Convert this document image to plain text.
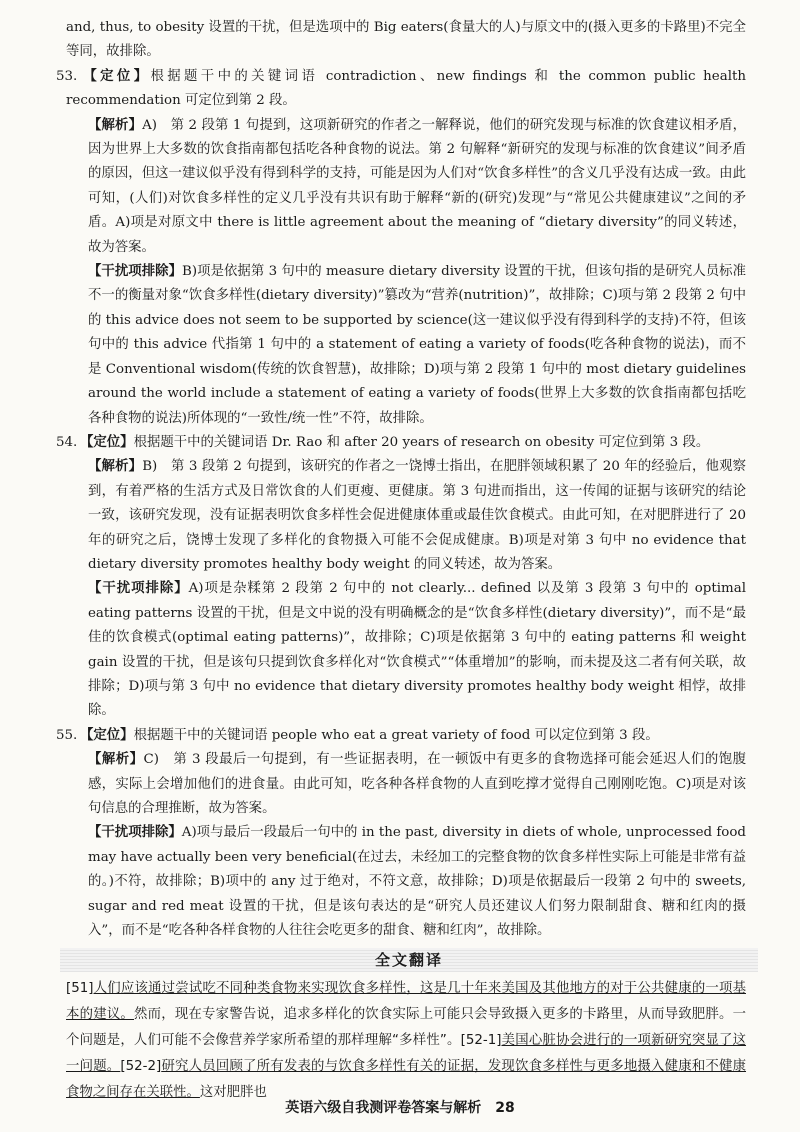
and, thus, to obesity 设置的干扰，但是选项中的 Big eaters(食量大的人)与原文中的(摄入更多的卡路里)不完全等同，故排除。

53. 【定位】根据题干中的关键词语 contradiction、new findings 和 the common public health recommendation 可定位到第 2 段。

【解析】A)　第 2 段第 1 句提到，这项新研究的作者之一解释说，他们的研究发现与标准的饮食建议相矛盾，因为世界上大多数的饮食指南都包括吃各种食物的说法。第 2 句解释“新研究的发现与标准的饮食建议”间矛盾的原因，但这一建议似乎没有得到科学的支持，可能是因为人们对“饮食多样性”的含义几乎没有达成一致。由此可知，(人们)对饮食多样性的定义几乎没有共识有助于解释“新的(研究)发现”与“常见公共健康建议”之间的矛盾。A)项是对原文中 there is little agreement about the meaning of “dietary diversity”的同义转述，故为答案。

【干扰项排除】B)项是依据第 3 句中的 measure dietary diversity 设置的干扰，但该句指的是研究人员标准不一的衡量对象“饮食多样性(dietary diversity)”篡改为“营养(nutrition)”，故排除；C)项与第 2 段第 2 句中的 this advice does not seem to be supported by science(这一建议似乎没有得到科学的支持)不符，但该句中的 this advice 代指第 1 句中的 a statement of eating a variety of foods(吃各种食物的说法)，而不是 Conventional wisdom(传统的饮食智慧)，故排除；D)项与第 2 段第 1 句中的 most dietary guidelines around the world include a statement of eating a variety of foods(世界上大多数的饮食指南都包括吃各种食物的说法)所体现的“一致性/统一性”不符，故排除。

54. 【定位】根据题干中的关键词语 Dr. Rao 和 after 20 years of research on obesity 可定位到第 3 段。

【解析】B)　第 3 段第 2 句提到，该研究的作者之一饶博士指出，在肥胖领域积累了 20 年的经验后，他观察到，有着严格的生活方式及日常饮食的人们更瘦、更健康。第 3 句进而指出，这一传闻的证据与该研究的结论一致，该研究发现，没有证据表明饮食多样性会促进健康体重或最佳饮食模式。由此可知，在对肥胖进行了 20 年的研究之后，饶博士发现了多样化的食物摄入可能不会促成健康。B)项是对第 3 句中 no evidence that dietary diversity promotes healthy body weight 的同义转述，故为答案。

【干扰项排除】A)项是杂糅第 2 段第 2 句中的 not clearly... defined 以及第 3 段第 3 句中的 optimal eating patterns 设置的干扰，但是文中说的没有明确概念的是“饮食多样性(dietary diversity)”，而不是“最佳的饮食模式(optimal eating patterns)”，故排除；C)项是依据第 3 句中的 eating patterns 和 weight gain 设置的干扰，但是该句只提到饮食多样化对“饮食模式”“体重增加”的影响，而未提及这二者有何关联，故排除；D)项与第 3 句中 no evidence that dietary diversity promotes healthy body weight 相悖，故排除。

55. 【定位】根据题干中的关键词语 people who eat a great variety of food 可以定位到第 3 段。

【解析】C)　第 3 段最后一句提到，有一些证据表明，在一顿饭中有更多的食物选择可能会延迟人们的饱腹感，实际上会增加他们的进食量。由此可知，吃各种各样食物的人直到吃撑才觉得自己刚刚吃饱。C)项是对该句信息的合理推断，故为答案。

【干扰项排除】A)项与最后一段最后一句中的 in the past, diversity in diets of whole, unprocessed food may have actually been very beneficial(在过去，未经加工的完整食物的饮食多样性实际上可能是非常有益的。)不符，故排除；B)项中的 any 过于绝对，不符文意，故排除；D)项是依据最后一段第 2 句中的 sweets, sugar and red meat 设置的干扰，但是该句表达的是“研究人员还建议人们努力限制甜食、糖和红肉的摄入”，而不是“吃各种各样食物的人往往会吃更多的甜食、糖和红肉”，故排除。

全文翻译

[51]人们应该通过尝试吃不同种类食物来实现饮食多样性，这是几十年来美国及其他地方的对于公共健康的一项基本的建议。然而，现在专家警告说，追求多样化的饮食实际上可能只会导致摄入更多的卡路里，从而导致肥胖。一个问题是，人们可能不会像营养学家所希望的那样理解“多样性”。[52-1]美国心脏协会进行的一项新研究突显了这一问题。[52-2]研究人员回顾了所有发表的与饮食多样性有关的证据，发现饮食多样性与更多地摄入健康和不健康食物之间存在关联性。这对肥胖也

英语六级自我测评卷答案与解析　28
